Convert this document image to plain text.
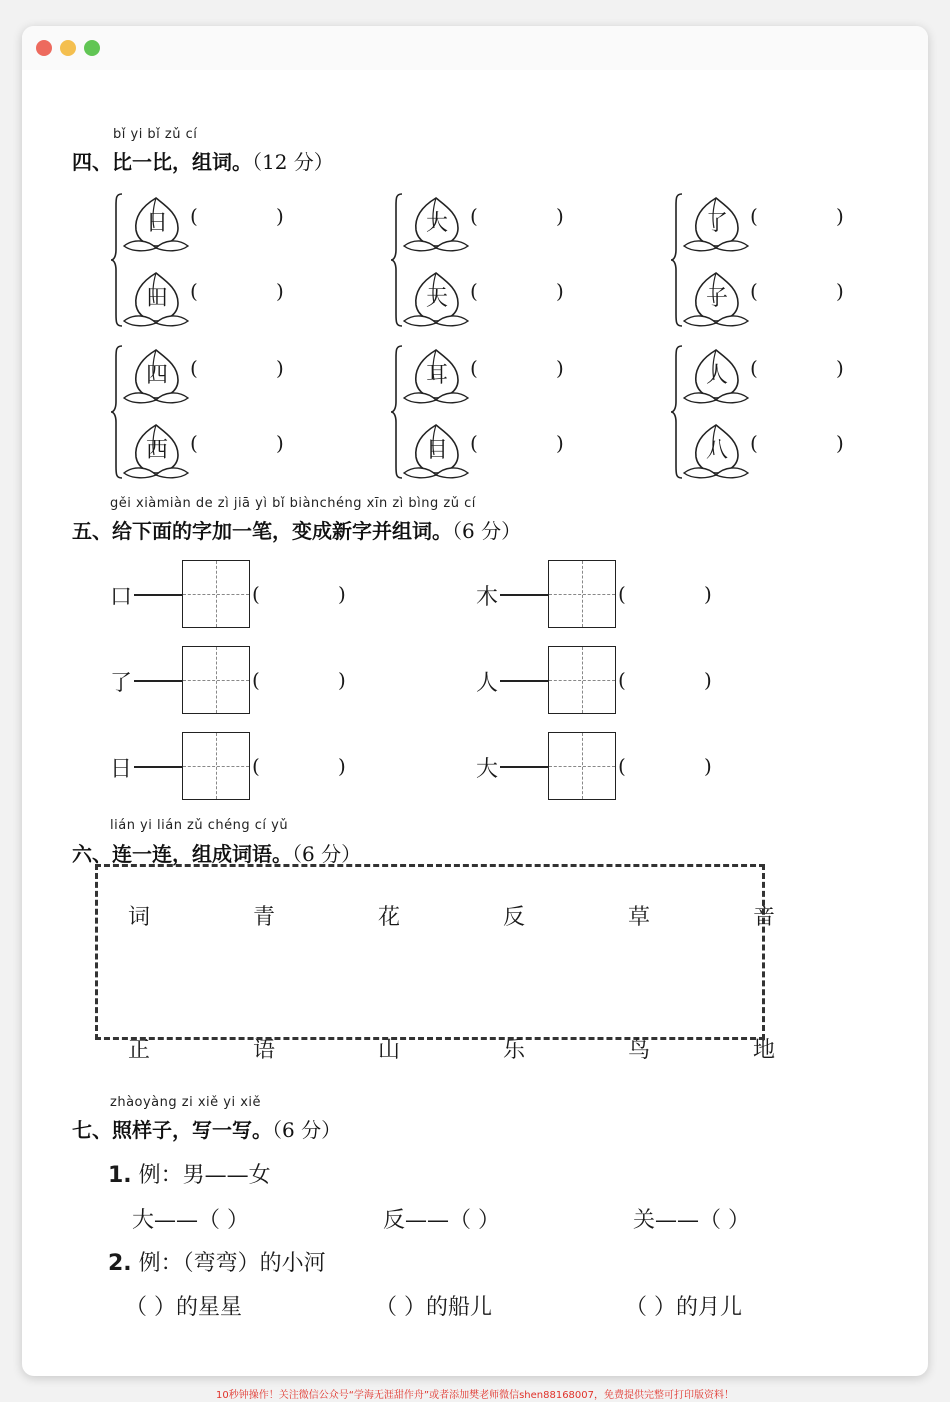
bǐ yi bǐ zǔ cí
四、比一比，组词。（12 分）
日 (	)
田 (	)
大 (	)
天 (	)
了 (	)
子 (	)
四 (	)
西 (	)
耳 (	)
目 (	)
人 (	)
八 (	)
gěi xiàmiàn de zì jiā yì bǐ biànchéng xīn zì bìng zǔ cí
五、给下面的字加一笔，变成新字并组词。（6 分）
口	(	)	木	(	)
了	(	)	人	(	)
日	(	)	大	(	)
lián yi lián zǔ chéng cí yǔ
六、连一连，组成词语。（6 分）
词	青	花	反	草	音
正	语	山	乐	鸟	地
zhàoyàng zi xiě yi xiě
七、照样子，写一写。（6 分）
1. 例：男——女
大——（ ）	反——（ ）	关——（ ）
2. 例：（弯弯）的小河
（ ）的星星	（ ）的船儿	（ ）的月儿
10秒钟操作！关注微信公众号“学海无涯甜作舟”或者添加樊老师微信shen88168007，免费提供完整可打印版资料！
